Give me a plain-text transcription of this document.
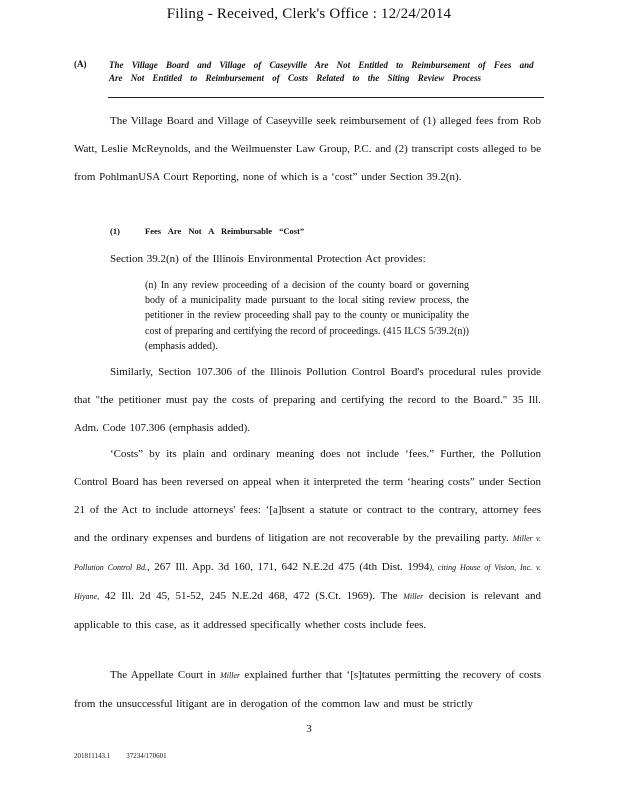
Filing - Received, Clerk's Office : 12/24/2014
(A)	The Village Board and Village of Caseyville Are Not Entitled to Reimbursement of Fees and Are Not Entitled to Reimbursement of Costs Related to the Siting Review Process
The Village Board and Village of Caseyville seek reimbursement of (1) alleged fees from Rob Watt, Leslie McReynolds, and the Weilmuenster Law Group, P.C. and (2) transcript costs alleged to be from PohlmanUSA Court Reporting, none of which is a ‘cost” under Section 39.2(n).
(1)	Fees Are Not A Reimbursable “Cost”
Section 39.2(n) of the Illinois Environmental Protection Act provides:
(n) In any review proceeding of a decision of the county board or governing body of a municipality made pursuant to the local siting review process, the petitioner in the review proceeding shall pay to the county or municipality the cost of preparing and certifying the record of proceedings. (415 ILCS 5/39.2(n))(emphasis added).
Similarly, Section 107.306 of the Illinois Pollution Control Board's procedural rules provide that "the petitioner must pay the costs of preparing and certifying the record to the Board." 35 Ill. Adm. Code 107.306 (emphasis added).
‘Costs” by its plain and ordinary meaning does not include ‘fees.” Further, the Pollution Control Board has been reversed on appeal when it interpreted the term ‘hearing costs” under Section 21 of the Act to include attorneys' fees: ‘[a]bsent a statute or contract to the contrary, attorney fees and the ordinary expenses and burdens of litigation are not recoverable by the prevailing party. Miller v. Pollution Control Bd., 267 Ill. App. 3d 160, 171, 642 N.E.2d 475 (4th Dist. 1994), citing House of Vision, Inc. v. Hiyane, 42 Ill. 2d 45, 51-52, 245 N.E.2d 468, 472 (S.Ct. 1969). The Miller decision is relevant and applicable to this case, as it addressed specifically whether costs include fees.
The Appellate Court in Miller explained further that ‘[s]tatutes permitting the recovery of costs from the unsuccessful litigant are in derogation of the common law and must be strictly
3
201811143.1 37234/170601
